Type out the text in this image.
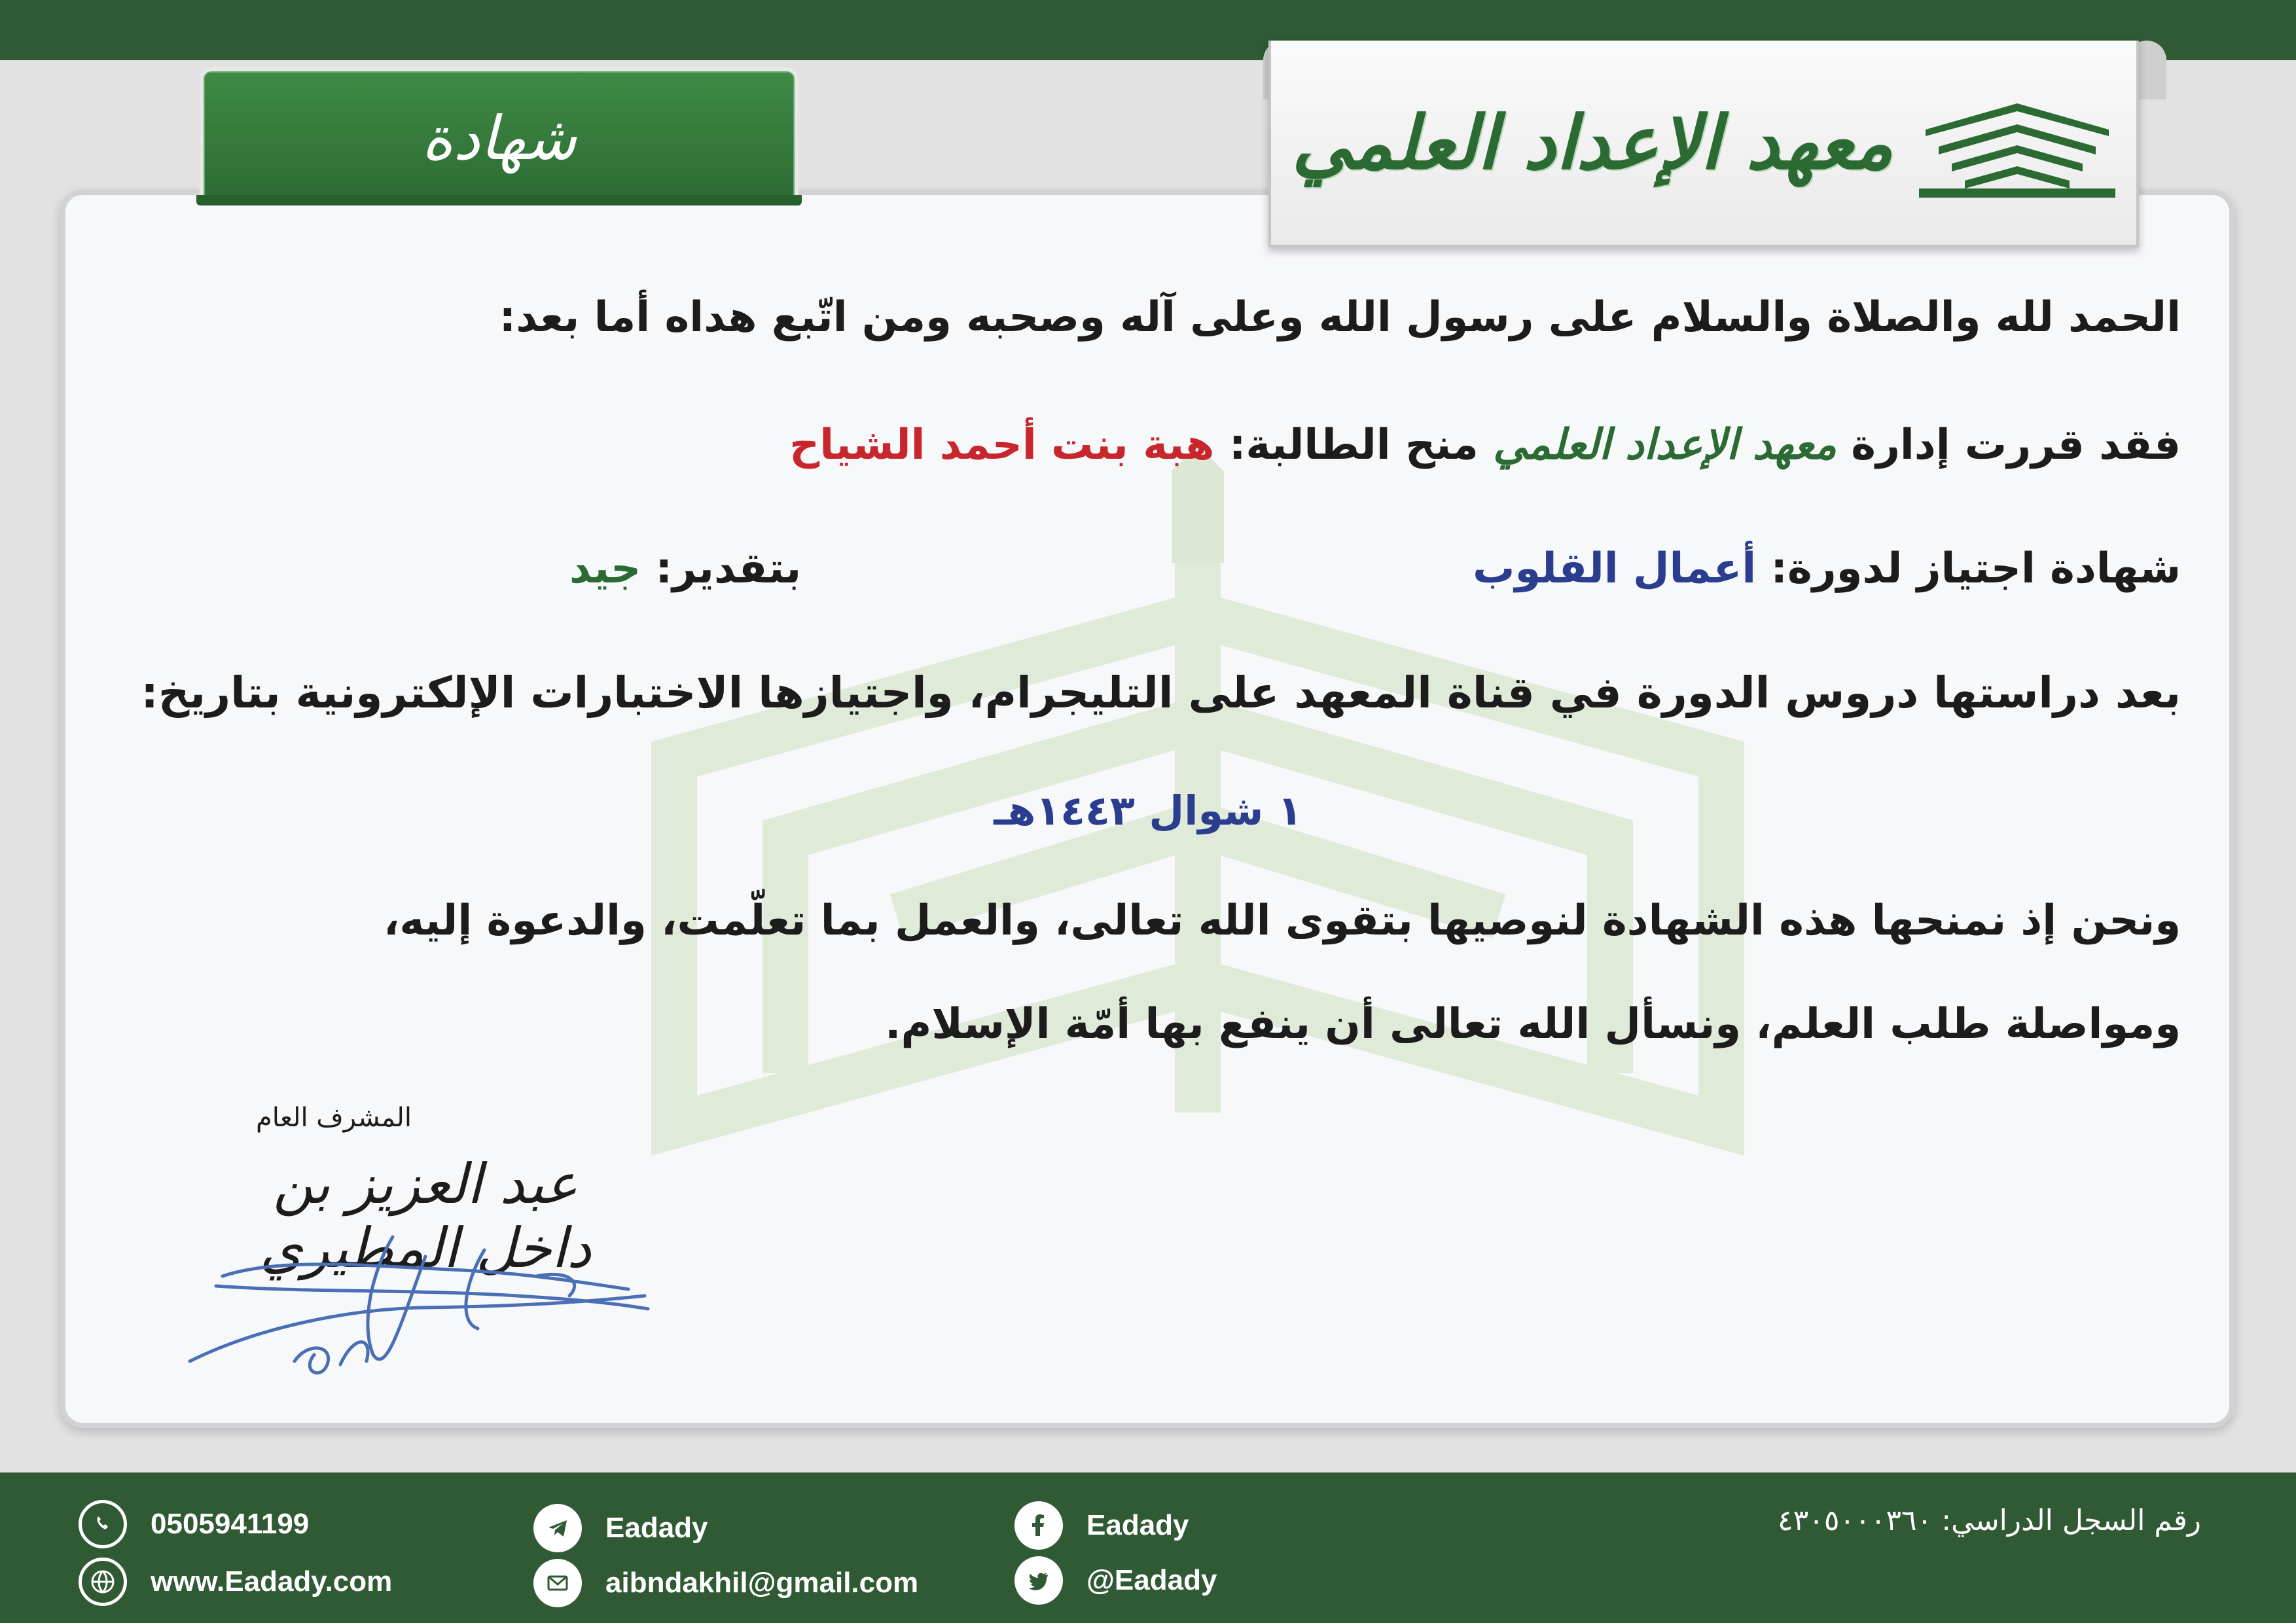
شهادة	معهد الإعداد العلمي
الحمد لله والصلاة والسلام على رسول الله وعلى آله وصحبه ومن اتّبع هداه أما بعد:
فقد قررت إدارة معهد الإعداد العلمي منح الطالبة: هبة بنت أحمد الشياح
شهادة اجتياز لدورة: أعمال القلوب
بتقدير: جيد
بعد دراستها دروس الدورة في قناة المعهد على التليجرام، واجتيازها الاختبارات الإلكترونية بتاريخ:
١ شوال ١٤٤٣هـ
ونحن إذ نمنحها هذه الشهادة لنوصيها بتقوى الله تعالى، والعمل بما تعلّمت، والدعوة إليه،
ومواصلة طلب العلم، ونسأل الله تعالى أن ينفع بها أمّة الإسلام.
المشرف العام
عبد العزيز بن داخل المطيري
0505941199
www.Eadady.com
Eadady
aibndakhil@gmail.com
Eadady
@Eadady
رقم السجل الدراسي: ٤٣٠٥٠٠٠٣٦٠
